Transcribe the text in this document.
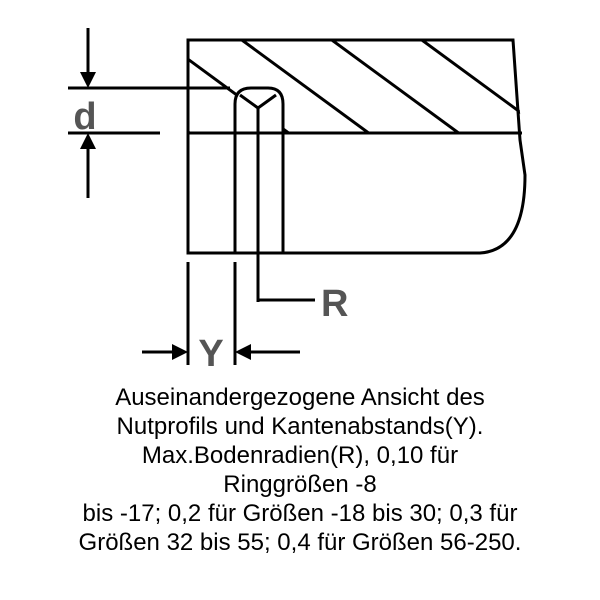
d
R
Y
Auseinandergezogene Ansicht des
Nutprofils und Kantenabstands(Y).
Max.Bodenradien(R), 0,10 für
Ringgrößen -8
bis -17; 0,2 für Größen -18 bis 30; 0,3 für
Größen 32 bis 55; 0,4 für Größen 56-250.
